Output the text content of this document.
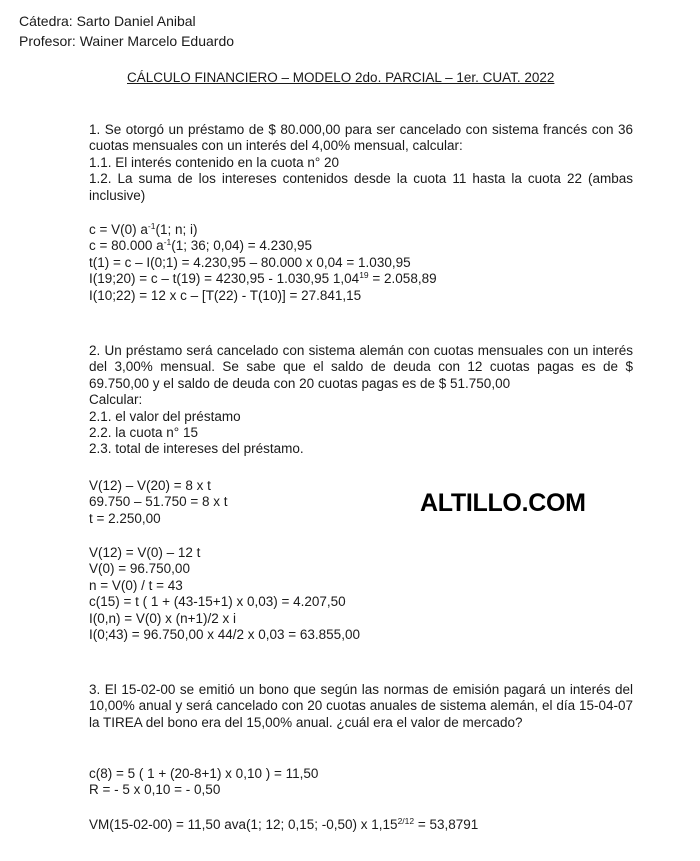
Cátedra: Sarto Daniel Anibal
Profesor: Wainer Marcelo Eduardo
CÁLCULO FINANCIERO – MODELO 2do. PARCIAL – 1er. CUAT. 2022

1. Se otorgó un préstamo de $ 80.000,00 para ser cancelado con sistema francés con 36 cuotas mensuales con un interés del 4,00% mensual, calcular:

1.1. El interés contenido en la cuota n° 20

1.2. La suma de los intereses contenidos desde la cuota 11 hasta la cuota 22 (ambas inclusive)

c = V(0) $a^{-1}(1$; n; i)

c = 80.000 $a^{-1}(1$; 36; 0,04) = 4.230,95

t(1) = c – I(0;1) = 4.230,95 – 80.000 x 0,04 = 1.030,95

I(19;20) = c – t(19) = 4230,95 - 1.030,95 $1,04^{19} = 2.058,89$

I(10;22) = 12 x c – [T(22) - T(10)] = 27.841,15

2. Un préstamo será cancelado con sistema alemán con cuotas mensuales con un interés del 3,00% mensual. Se sabe que el saldo de deuda con 12 cuotas pagas es de $ 69.750,00 y el saldo de deuda con 20 cuotas pagas es de $ 51.750,00

Calcular:

2.1. el valor del préstamo

2.2. la cuota n° 15

2.3. total de intereses del préstamo.

V(12) – V(20) = 8 x t

69.750 – 51.750 = 8 x t

t = 2.250,00

ALTILLO.COM

V(12) = V(0) – 12 t

V(0) = 96.750,00

n = V(0) / t = 43

c(15) = t ( 1 + (43-15+1) x 0,03) = 4.207,50

I(0,n) = V(0) x (n+1)/2 x i

I(0;43) = 96.750,00 x 44/2 x 0,03 = 63.855,00

3. El 15-02-00 se emitió un bono que según las normas de emisión pagará un interés del 10,00% anual y será cancelado con 20 cuotas anuales de sistema alemán, el día 15-04-07 la TIREA del bono era del 15,00% anual. ¿cuál era el valor de mercado?

c(8) = 5 ( 1 + (20-8+1) x 0,10 ) = 11,50

R = - 5 x 0,10 = - 0,50

VM(15-02-00) = 11,50 ava(1; 12; 0,15; -0,50) x $1,15^{2/12} = 53,8791$
